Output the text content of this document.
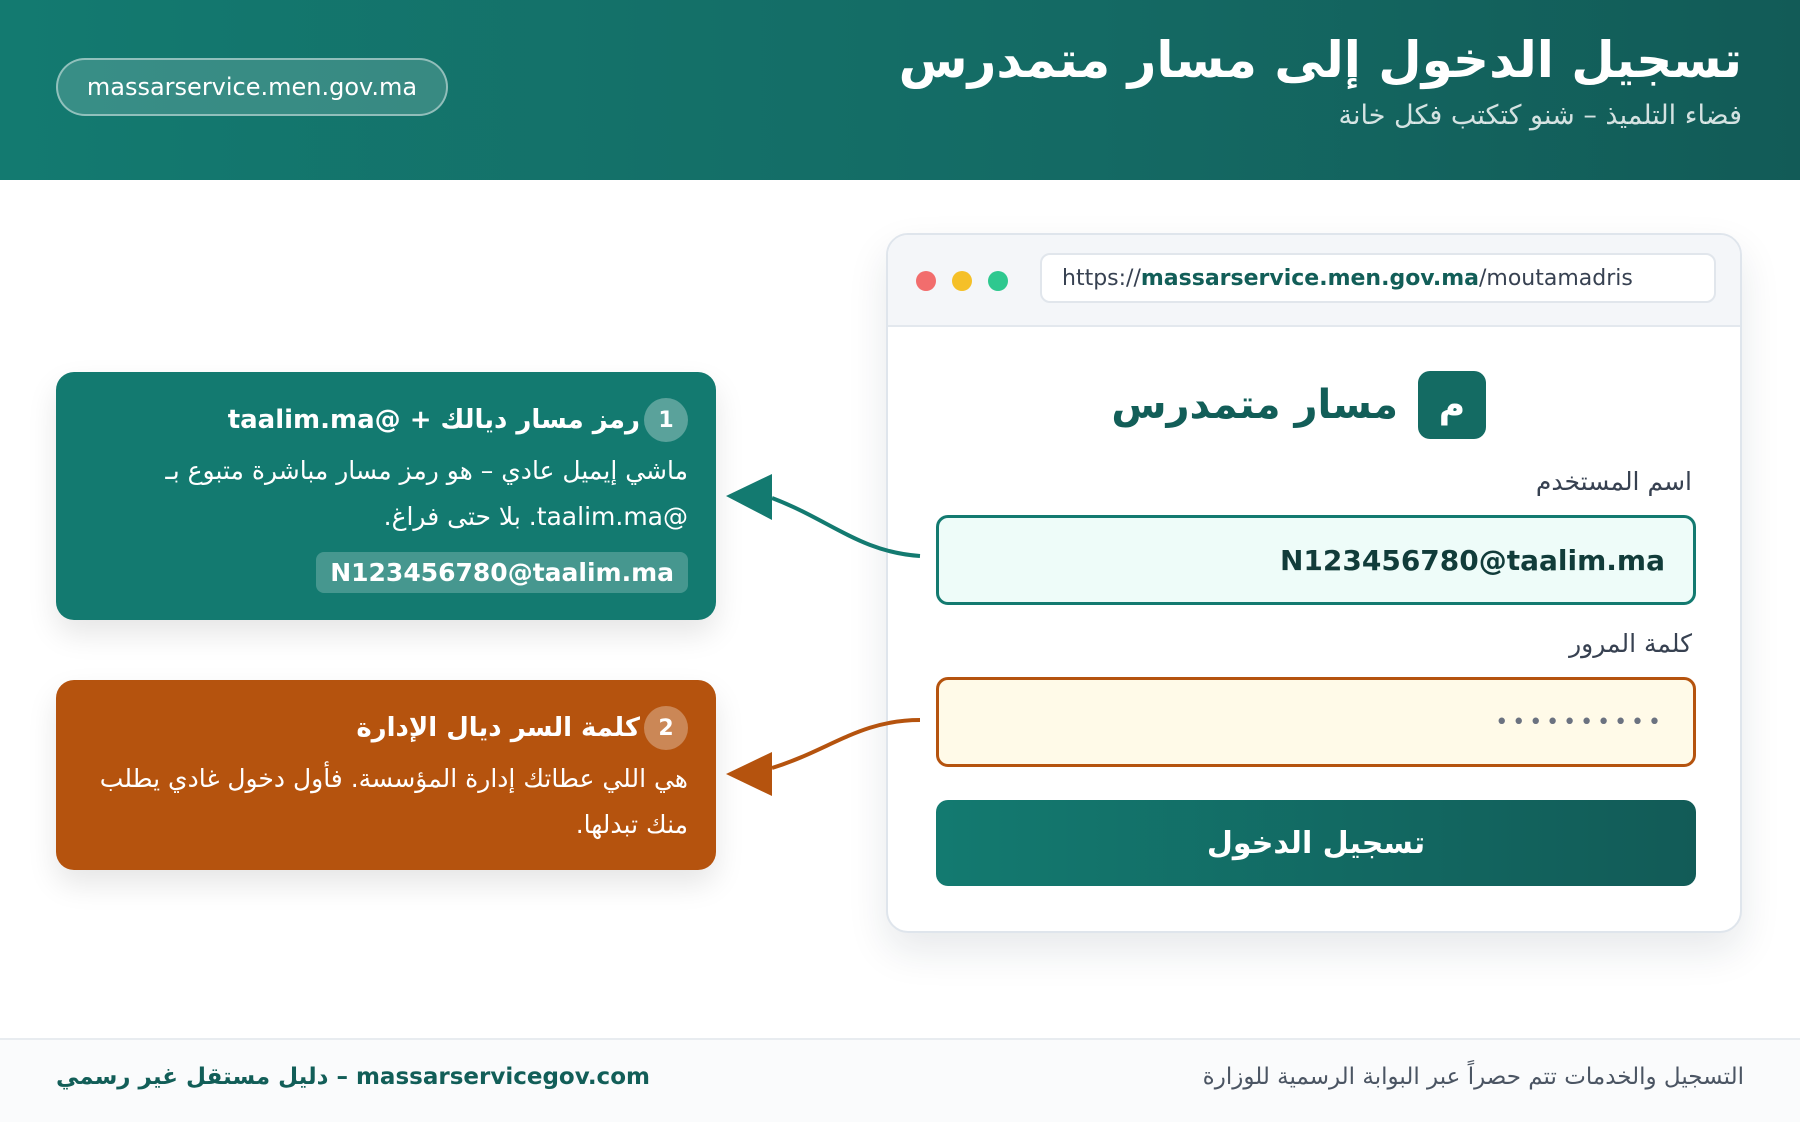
تسجيل الدخول إلى مسار متمدرس
فضاء التلميذ – شنو كتكتب فكل خانة
massarservice.men.gov.ma
https:// massarservice.men.gov.ma /moutamadris
م
مسار متمدرس
اسم المستخدم
N123456780@taalim.ma
كلمة المرور
••••••••••
تسجيل الدخول
1
رمز مسار ديالك + @taalim.ma
ماشي إيميل عادي – هو رمز مسار مباشرة متبوع بـ @taalim.ma. بلا حتى فراغ.
N123456780@taalim.ma
2
كلمة السر ديال الإدارة
هي اللي عطاتك إدارة المؤسسة. فأول دخول غادي يطلب منك تبدلها.
massarservicegov.com – دليل مستقل غير رسمي	التسجيل والخدمات تتم حصراً عبر البوابة الرسمية للوزارة
